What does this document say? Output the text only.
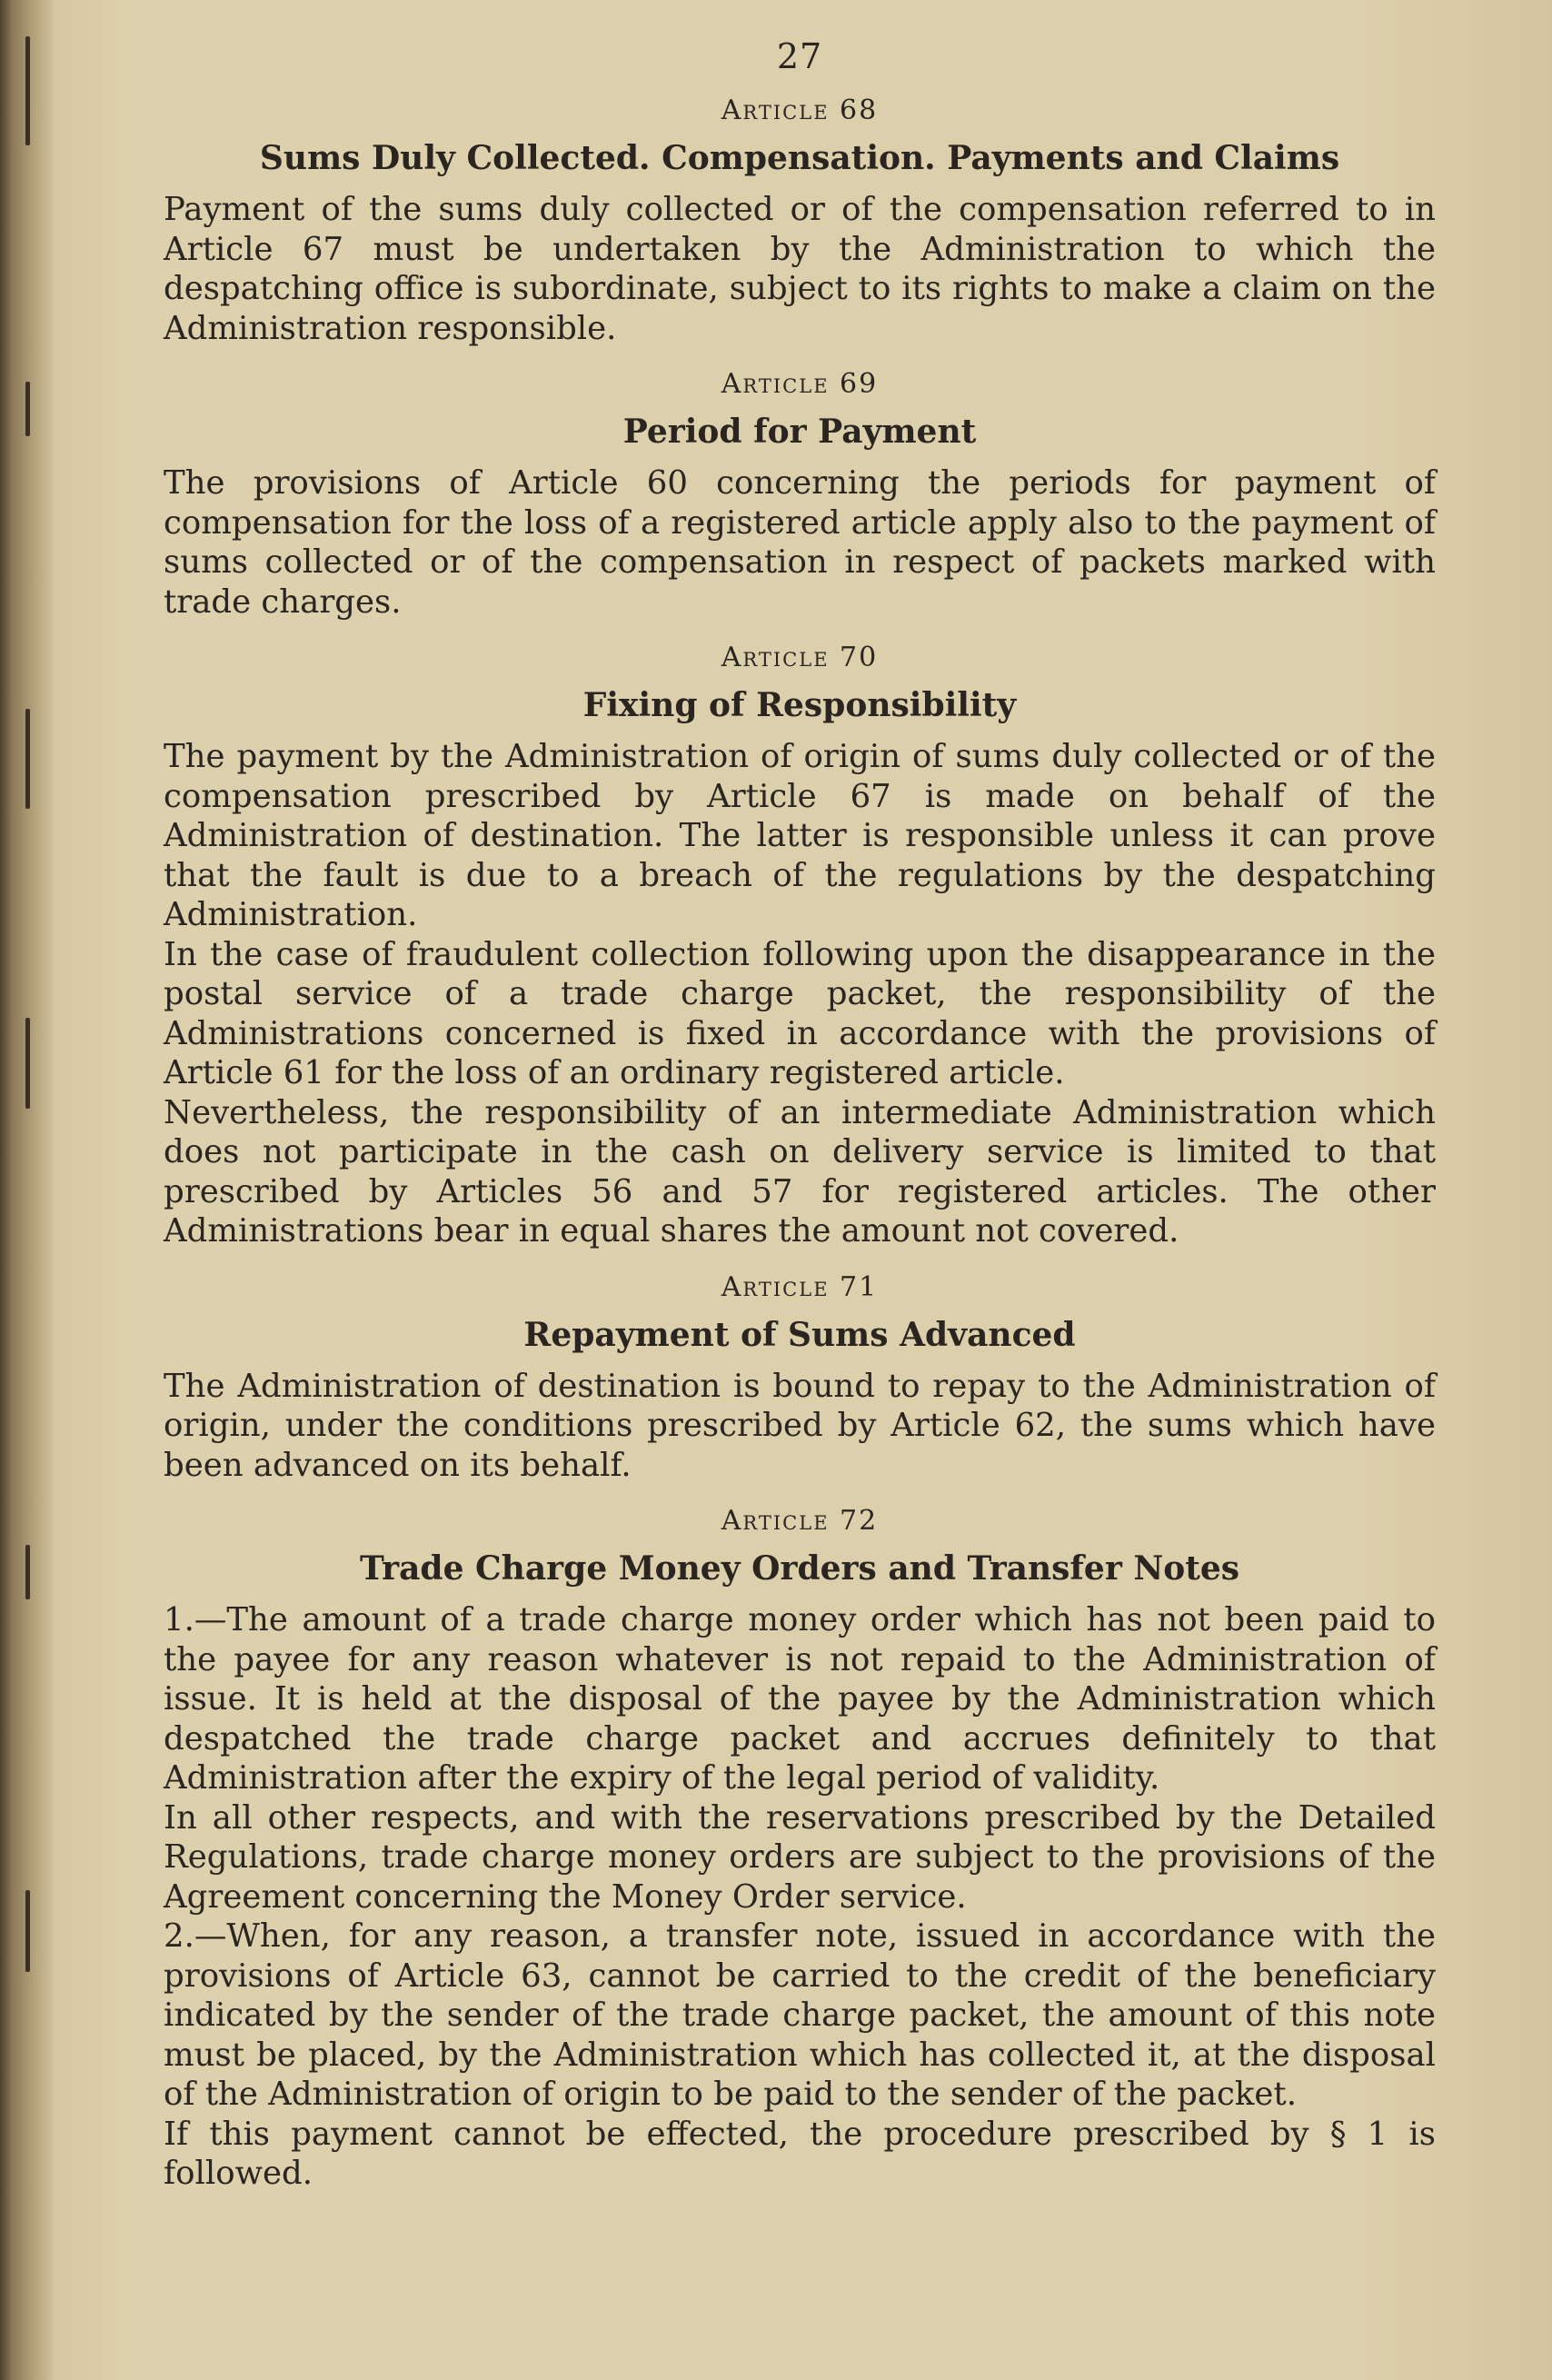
27
Article 68
Sums Duly Collected. Compensation. Payments and Claims

Payment of the sums duly collected or of the compensation referred to in Article 67 must be undertaken by the Administration to which the despatching office is subordinate, subject to its rights to make a claim on the Administration responsible.

Article 69
Period for Payment

The provisions of Article 60 concerning the periods for payment of compensation for the loss of a registered article apply also to the payment of sums collected or of the compensation in respect of packets marked with trade charges.

Article 70
Fixing of Responsibility

The payment by the Administration of origin of sums duly collected or of the compensation prescribed by Article 67 is made on behalf of the Administration of destination. The latter is responsible unless it can prove that the fault is due to a breach of the regulations by the despatching Administration.

In the case of fraudulent collection following upon the disappearance in the postal service of a trade charge packet, the responsibility of the Administrations concerned is fixed in accordance with the provisions of Article 61 for the loss of an ordinary registered article.

Nevertheless, the responsibility of an intermediate Administration which does not participate in the cash on delivery service is limited to that prescribed by Articles 56 and 57 for registered articles. The other Administrations bear in equal shares the amount not covered.

Article 71
Repayment of Sums Advanced

The Administration of destination is bound to repay to the Administration of origin, under the conditions prescribed by Article 62, the sums which have been advanced on its behalf.

Article 72
Trade Charge Money Orders and Transfer Notes

1.—The amount of a trade charge money order which has not been paid to the payee for any reason whatever is not repaid to the Administration of issue. It is held at the disposal of the payee by the Administration which despatched the trade charge packet and accrues definitely to that Administration after the expiry of the legal period of validity.

In all other respects, and with the reservations prescribed by the Detailed Regulations, trade charge money orders are subject to the provisions of the Agreement concerning the Money Order service.

2.—When, for any reason, a transfer note, issued in accordance with the provisions of Article 63, cannot be carried to the credit of the beneficiary indicated by the sender of the trade charge packet, the amount of this note must be placed, by the Administration which has collected it, at the disposal of the Administration of origin to be paid to the sender of the packet.

If this payment cannot be effected, the procedure prescribed by § 1 is followed.
